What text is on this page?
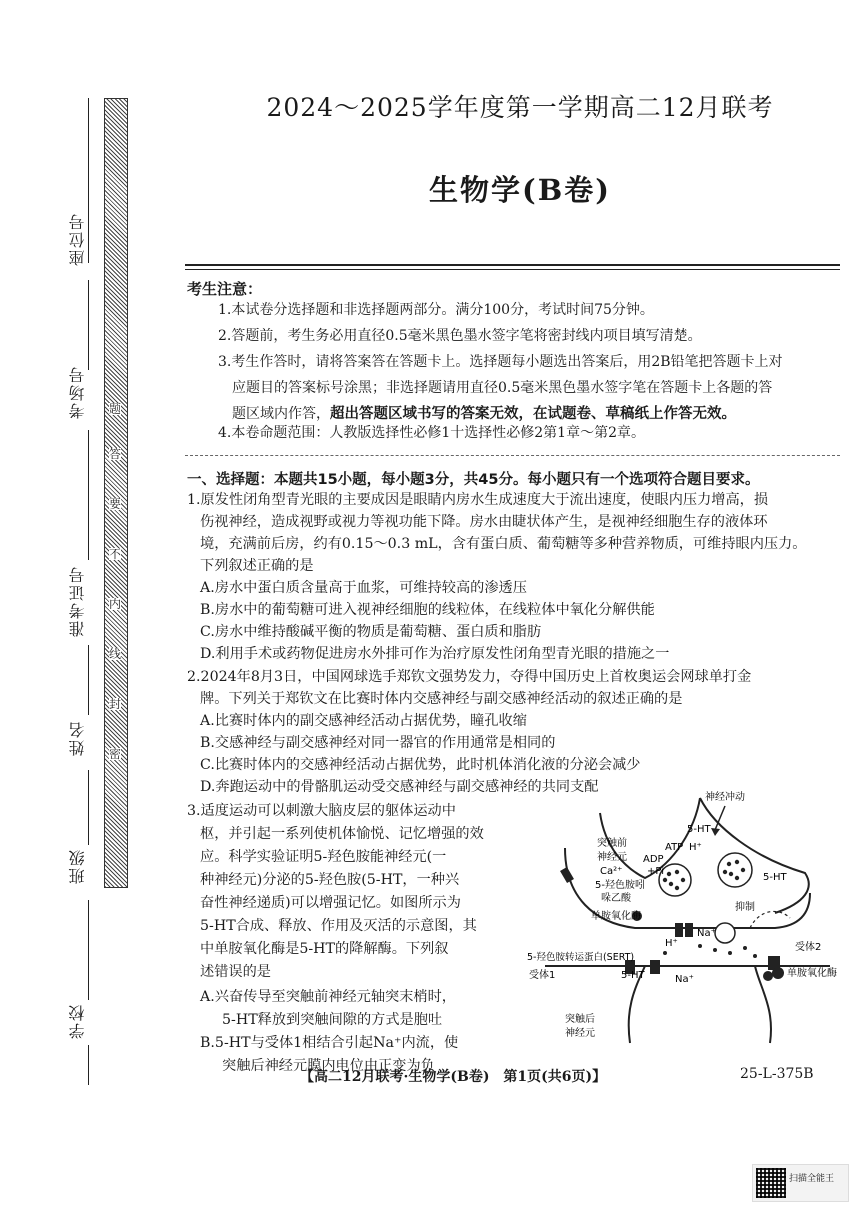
座位号
考场号
准考证号
姓名
班级
学校
题
答
要
不
内
线
封
密
2024～2025学年度第一学期高二12月联考
生物学(B卷)
考生注意：
1.本试卷分选择题和非选择题两部分。满分100分，考试时间75分钟。
2.答题前，考生务必用直径0.5毫米黑色墨水签字笔将密封线内项目填写清楚。
3.考生作答时，请将答案答在答题卡上。选择题每小题选出答案后，用2B铅笔把答题卡上对
应题目的答案标号涂黑；非选择题请用直径0.5毫米黑色墨水签字笔在答题卡上各题的答
题区域内作答，超出答题区域书写的答案无效，在试题卷、草稿纸上作答无效。
4.本卷命题范围：人教版选择性必修1十选择性必修2第1章～第2章。
一、选择题：本题共15小题，每小题3分，共45分。每小题只有一个选项符合题目要求。
1.原发性闭角型青光眼的主要成因是眼睛内房水生成速度大于流出速度，使眼内压力增高，损
伤视神经，造成视野或视力等视功能下降。房水由睫状体产生，是视神经细胞生存的液体环
境，充满前后房，约有0.15～0.3 mL，含有蛋白质、葡萄糖等多种营养物质，可维持眼内压力。
下列叙述正确的是
A.房水中蛋白质含量高于血浆，可维持较高的渗透压
B.房水中的葡萄糖可进入视神经细胞的线粒体，在线粒体中氧化分解供能
C.房水中维持酸碱平衡的物质是葡萄糖、蛋白质和脂肪
D.利用手术或药物促进房水外排可作为治疗原发性闭角型青光眼的措施之一
2.2024年8月3日，中国网球选手郑钦文强势发力，夺得中国历史上首枚奥运会网球单打金
牌。下列关于郑钦文在比赛时体内交感神经与副交感神经活动的叙述正确的是
A.比赛时体内的副交感神经活动占据优势，瞳孔收缩
B.交感神经与副交感神经对同一器官的作用通常是相同的
C.比赛时体内的交感神经活动占据优势，此时机体消化液的分泌会减少
D.奔跑运动中的骨骼肌运动受交感神经与副交感神经的共同支配
3.适度运动可以刺激大脑皮层的躯体运动中
枢，并引起一系列使机体愉悦、记忆增强的效
应。科学实验证明5-羟色胺能神经元(一
种神经元)分泌的5-羟色胺(5-HT，一种兴
奋性神经递质)可以增强记忆。如图所示为
5-HT合成、释放、作用及灭活的示意图，其
中单胺氧化酶是5-HT的降解酶。下列叙
述错误的是
A.兴奋传导至突触前神经元轴突末梢时，
5-HT释放到突触间隙的方式是胞吐
B.5-HT与受体1相结合引起Na⁺内流，使
突触后神经元膜内电位由正变为负
神经冲动
突触前
神经元
Ca²⁺
5-HT
ATP H⁺
ADP
+Pi
5-HT
5-羟色胺吲
哚乙酸
单胺氧化酶
抑制
H⁺
Na⁺
受体2
5-羟色胺转运蛋白(SERT)
单胺氧化酶
受体1	5-HT	Na⁺
突触后
神经元
【高二12月联考·生物学(B卷)　第1页(共6页)】	25-L-375B
扫描全能王
